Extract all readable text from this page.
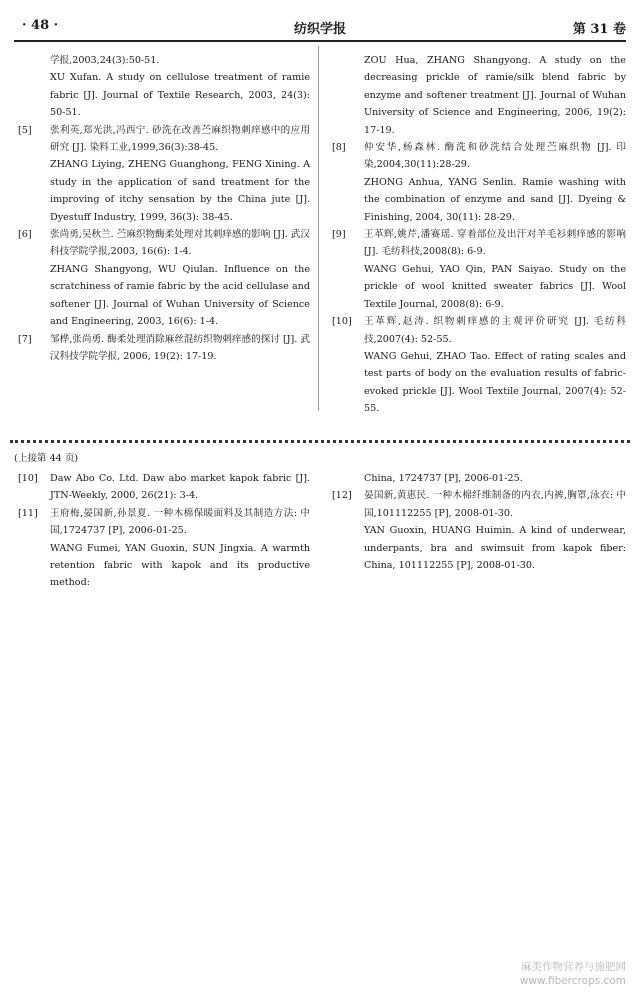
· 48 ·	纺织学报	第 31 卷
学报,2003,24(3):50-51.
XU Xufan. A study on cellulose treatment of ramie fabric [J]. Journal of Textile Research, 2003, 24(3): 50-51.
[5] 张利英,郑光洪,冯西宁. 砂洗在改善苎麻织物刺痒感中的应用研究 [J]. 染料工业,1999,36(3):38-45.
ZHANG Liying, ZHENG Guanghong, FENG Xining. A study in the application of sand treatment for the improving of itchy sensation by the China jute [J]. Dyestuff Industry, 1999, 36(3): 38-45.
[6] 张尚勇,吴秋兰. 苎麻织物酶柔处理对其刺痒感的影响 [J]. 武汉科技学院学报,2003, 16(6): 1-4.
ZHANG Shangyong, WU Qiulan. Influence on the scratchiness of ramie fabric by the acid cellulase and softener [J]. Journal of Wuhan University of Science and Engineering, 2003, 16(6): 1-4.
[7] 邹桦,张尚勇. 酶柔处理消除麻丝混纺织物刺痒感的探讨 [J]. 武汉科技学院学报, 2006, 19(2): 17-19.
ZOU Hua, ZHANG Shangyong. A study on the decreasing prickle of ramie/silk blend fabric by enzyme and softener treatment [J]. Journal of Wuhan University of Science and Engineering, 2006, 19(2): 17-19.
[8] 仲安华,杨森林. 酶洗和砂洗结合处理苎麻织物 [J]. 印染,2004,30(11):28-29.
ZHONG Anhua, YANG Senlin. Ramie washing with the combination of enzyme and sand [J]. Dyeing & Finishing, 2004, 30(11): 28-29.
[9] 王革辉,姚芹,潘赛瑶. 穿着部位及出汗对羊毛衫刺痒感的影响 [J]. 毛纺科技,2008(8): 6-9.
WANG Gehui, YAO Qin, PAN Saiyao. Study on the prickle of wool knitted sweater fabrics [J]. Wool Textile Journal, 2008(8): 6-9.
[10] 王革辉,赵涛. 织物刺痒感的主观评价研究 [J]. 毛纺科技,2007(4): 52-55.
WANG Gehui, ZHAO Tao. Effect of rating scales and test parts of body on the evaluation results of fabric-evoked prickle [J]. Wool Textile Journal, 2007(4): 52-55.
(上接第 44 页)
[10] Daw Abo Co. Ltd. Daw abo market kapok fabric [J]. JTN-Weekly, 2000, 26(21): 3-4.
[11] 王府梅,晏国新,孙景夏. 一种木棉保暖面料及其制造方法: 中国,1724737 [P], 2006-01-25.
WANG Fumei, YAN Guoxin, SUN Jingxia. A warmth retention fabric with kapok and its productive method:
China, 1724737 [P], 2006-01-25.
[12] 晏国新,黄惠民. 一种木棉纤维制备的内衣,内裤,胸罩,泳衣: 中国,101112255 [P], 2008-01-30.
YAN Guoxin, HUANG Huimin. A kind of underwear, underpants, bra and swimsuit from kapok fiber: China, 101112255 [P], 2008-01-30.
麻类作物营养与施肥网
www.fibercrops.com
